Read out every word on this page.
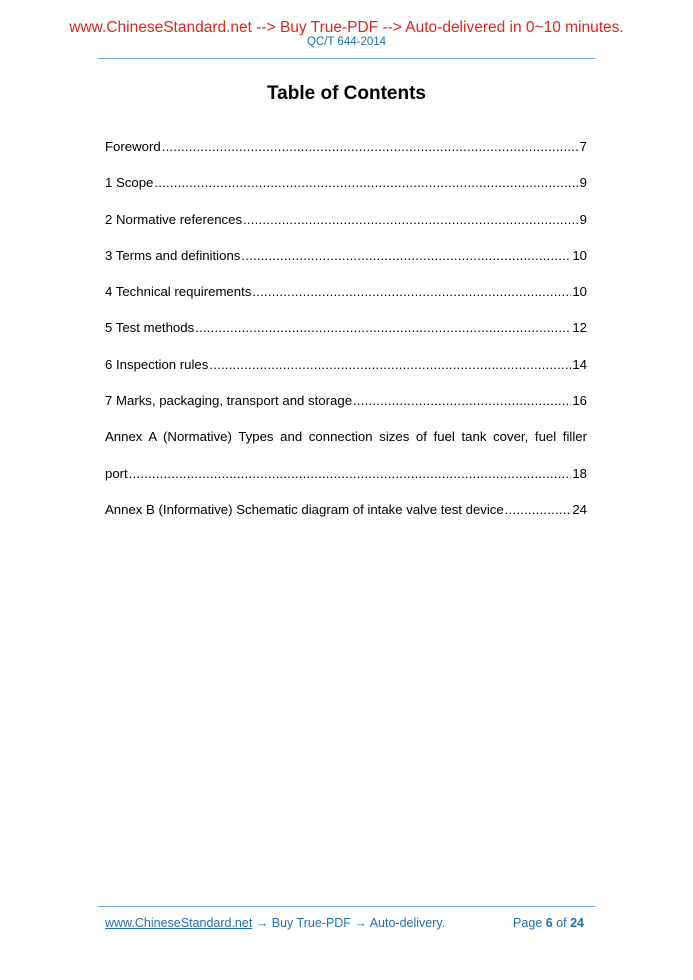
www.ChineseStandard.net --> Buy True-PDF --> Auto-delivered in 0~10 minutes.
QC/T 644-2014
Table of Contents
Foreword .....	7
1 Scope .....	9
2 Normative references .....	9
3 Terms and definitions .....	10
4 Technical requirements .....	10
5 Test methods .....	12
6 Inspection rules .....	14
7 Marks, packaging, transport and storage .....	16
Annex A (Normative) Types and connection sizes of fuel tank cover, fuel filler
port .....	18
Annex B (Informative) Schematic diagram of intake valve test device .....	24
www.ChineseStandard.net → Buy True-PDF → Auto-delivery.	Page 6 of 24
